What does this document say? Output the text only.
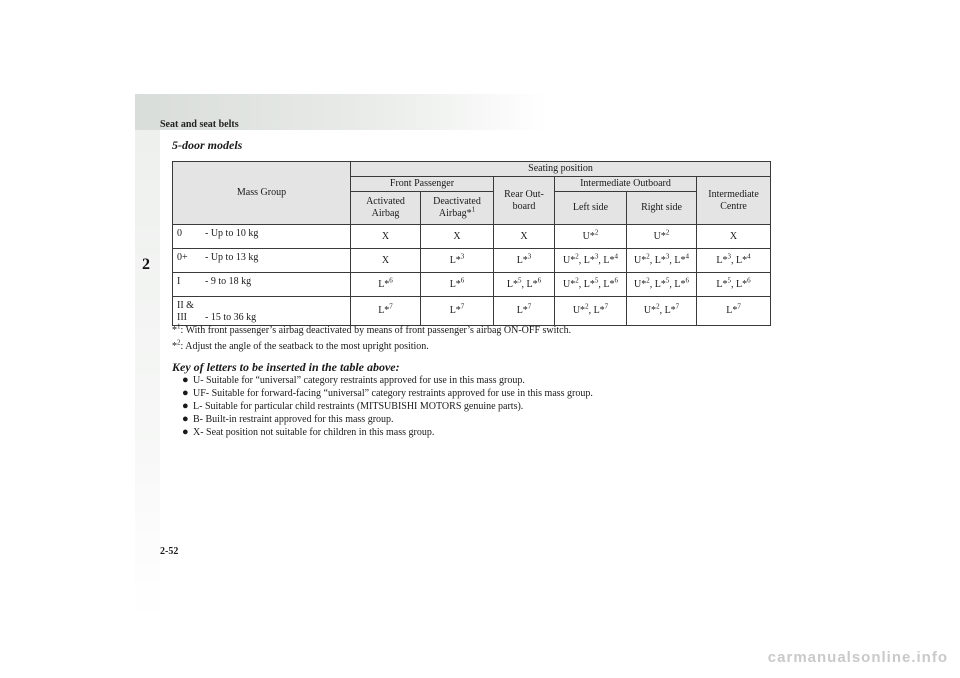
Seat and seat belts
2
5-door models
Mass Group	Seating position					
	Front Passenger		Rear Out-board	Intermediate Outboard		Intermediate Centre
	Activated Airbag	Deactivated Airbag*$^1$		Left side	Right side	
0 - Up to 10 kg	X	X	X	U*$^2$	U*$^2$	X
0+ - Up to 13 kg	X	L*$^3$	L*$^3$	U*$^2$, L*$^3$, L*$^4$	U*$^2$, L*$^3$, L*$^4$	L*$^3$, L*$^4$
I - 9 to 18 kg	L*$^6$	L*$^6$	L*$^5$, L*$^6$	U*$^2$, L*$^5$, L*$^6$	U*$^2$, L*$^5$, L*$^6$	L*$^5$, L*$^6$
II & III - 15 to 36 kg	L*$^7$	L*$^7$	L*$^7$	U*$^2$, L*$^7$	U*$^2$, L*$^7$	L*$^7$
*$^1$: With front passenger’s airbag deactivated by means of front passenger’s airbag ON-OFF switch.
*$^2$: Adjust the angle of the seatback to the most upright position.
Key of letters to be inserted in the table above:
● U- Suitable for “universal” category restraints approved for use in this mass group.
● UF- Suitable for forward-facing “universal” category restraints approved for use in this mass group.
● L- Suitable for particular child restraints (MITSUBISHI MOTORS genuine parts).
● B- Built-in restraint approved for this mass group.
● X- Seat position not suitable for children in this mass group.
2-52
carmanualsonline.info
